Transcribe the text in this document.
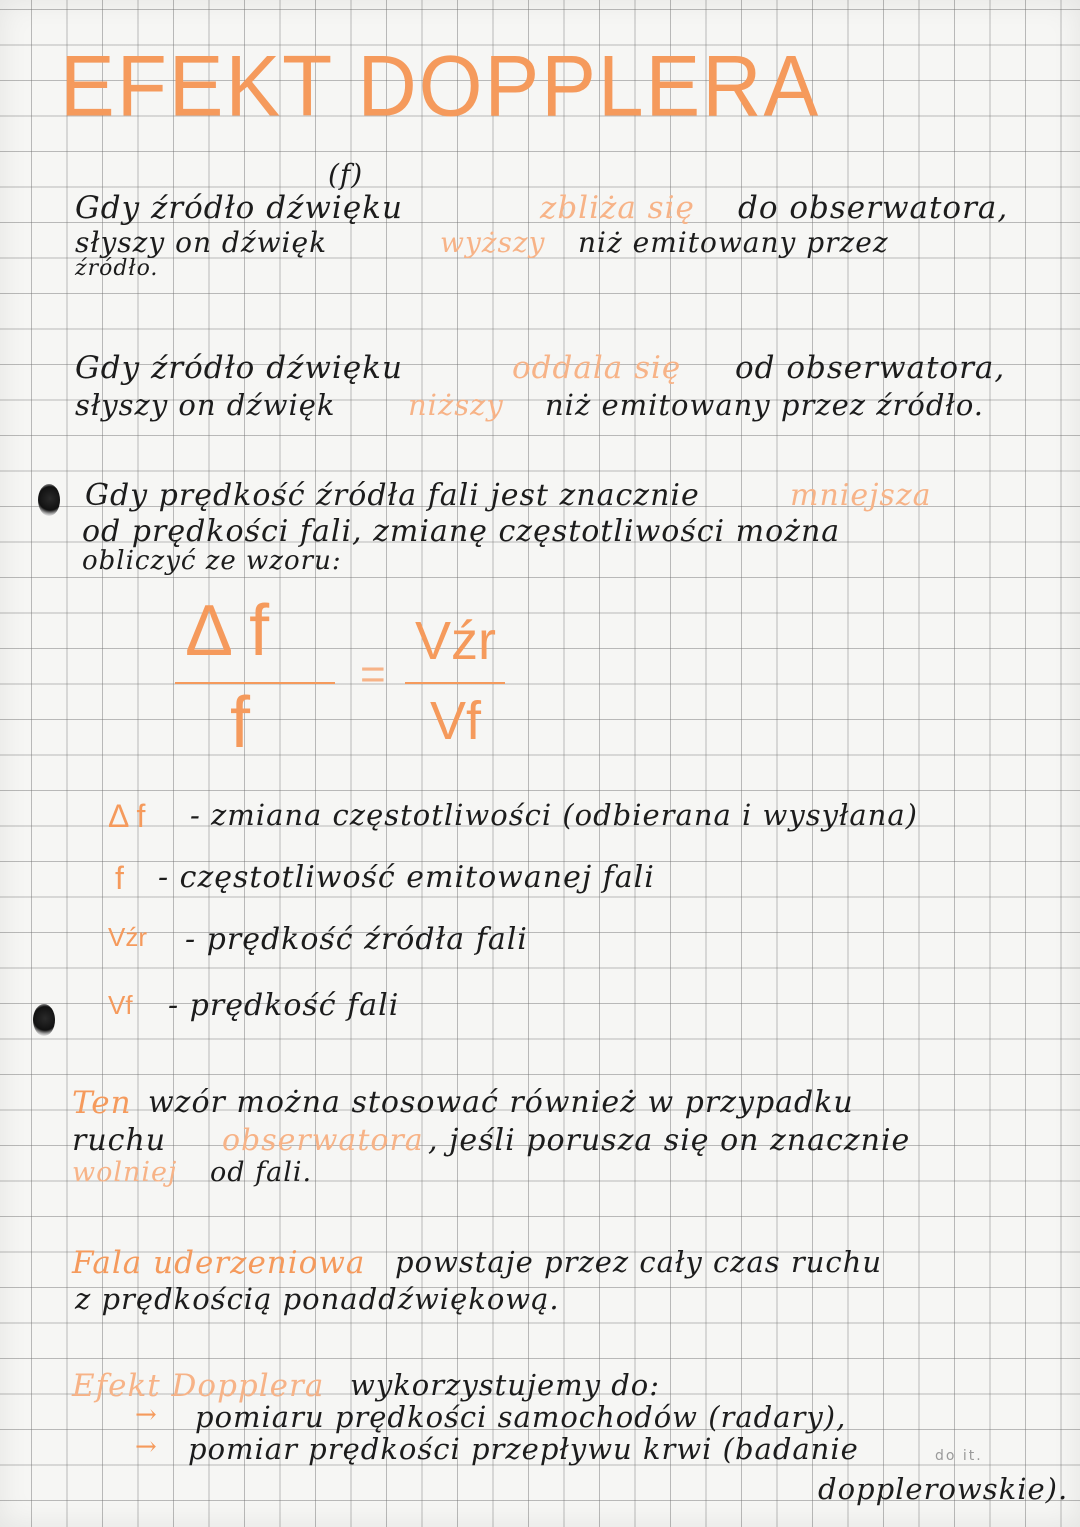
EFEKT DOPPLERA
(f)
Gdy źródło dźwięku	zbliża się do obserwatora,
słyszy on dźwięk	wyższy niż emitowany przez
źródło.
Gdy źródło dźwięku	oddala się od obserwatora,
słyszy on dźwięk	niższy niż emitowany przez źródło.
Gdy prędkość źródła fali jest znacznie	mniejsza
od prędkości fali, zmianę częstotliwości można
obliczyć ze wzoru:
Δ f
f
=
Vźr
Vf
Δ f - zmiana częstotliwości (odbierana i wysyłana)
f - częstotliwość emitowanej fali
Vźr - prędkość źródła fali
Vf - prędkość fali
Ten wzór można stosować również w przypadku
ruchu obserwatora , jeśli porusza się on znacznie
wolniej od fali.
Fala uderzeniowa powstaje przez cały czas ruchu
z prędkością ponaddźwiękową.
Efekt Dopplera wykorzystujemy do:
→ pomiaru prędkości samochodów (radary),
→ pomiar prędkości przepływu krwi (badanie
dopplerowskie).
do it.
